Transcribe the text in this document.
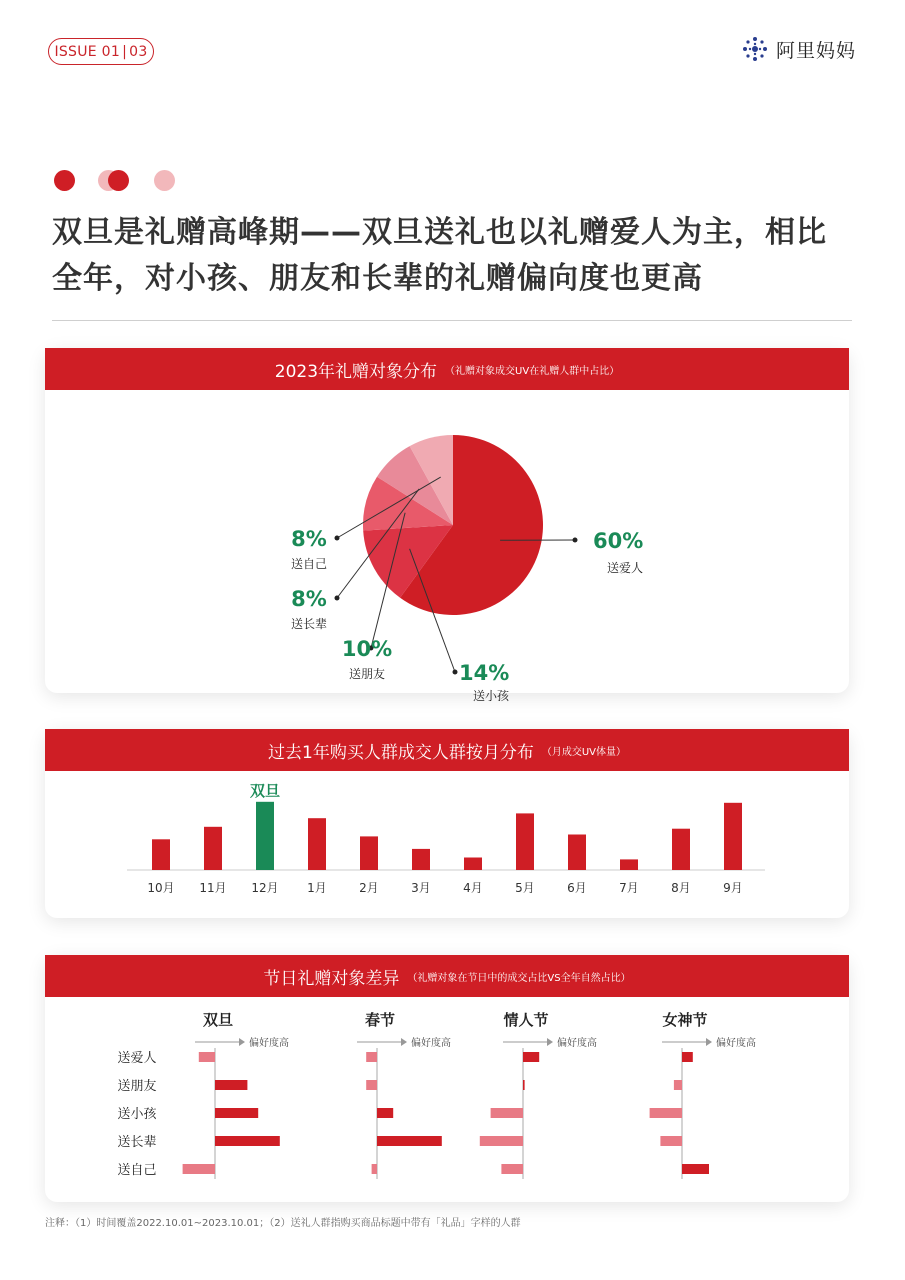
ISSUE 01 | 03	阿里妈妈
双旦是礼赠高峰期——双旦送礼也以礼赠爱人为主，相比全年，对小孩、朋友和长辈的礼赠偏向度也更高
2023年礼赠对象分布 （礼赠对象成交UV在礼赠人群中占比）
60%
送爱人
14%
送小孩
10%
送朋友
8%
送长辈
8%
送自己
过去1年购买人群成交人群按月分布 （月成交UV体量）
10月 11月 12月
双旦
1月	2月	3月	4月	5月	6月	7月	8月	9月
节日礼赠对象差异 （礼赠对象在节日中的成交占比VS全年自然占比）
送爱人
送朋友
送小孩
送长辈
送自己
双旦
偏好度高
春节
偏好度高
情人节
偏好度高
女神节
偏好度高
注释：（1）时间覆盖2022.10.01~2023.10.01；（2）送礼人群指购买商品标题中带有「礼品」字样的人群
